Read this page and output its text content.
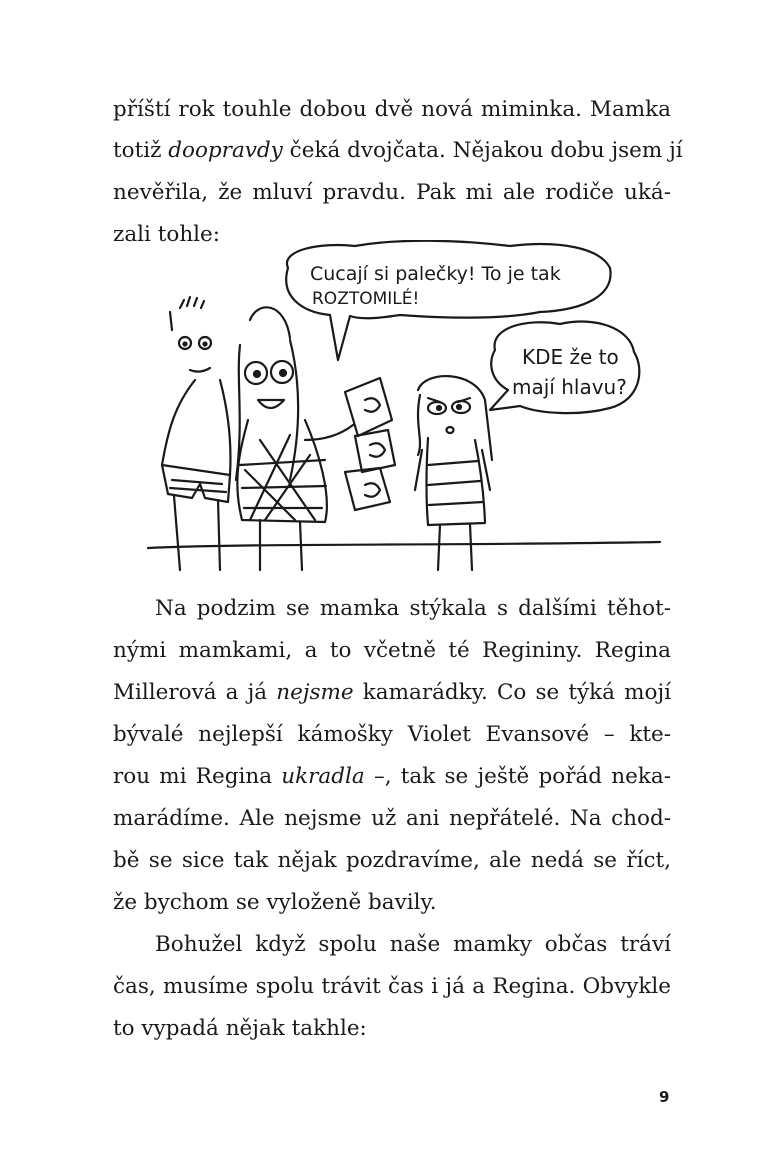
příští rok touhle dobou dvě nová miminka. Mamka

totiž doopravdy čeká dvojčata. Nějakou dobu jsem jí

nevěřila, že mluví pravdu. Pak mi ale rodiče uká-

zali tohle:

Cucají si palečky! To je tak
ROZTOMILÉ!
KDE že to
mají hlavu?

Na podzim se mamka stýkala s dalšími těhot-

nými mamkami, a to včetně té Regininy. Regina

Millerová a já nejsme kamarádky. Co se týká mojí

bývalé nejlepší kámošky Violet Evansové – kte-

rou mi Regina ukradla –, tak se ještě pořád neka-

marádíme. Ale nejsme už ani nepřátelé. Na chod-

bě se sice tak nějak pozdravíme, ale nedá se říct,

že bychom se vyloženě bavily.

Bohužel když spolu naše mamky občas tráví

čas, musíme spolu trávit čas i já a Regina. Obvykle

to vypadá nějak takhle:

9
